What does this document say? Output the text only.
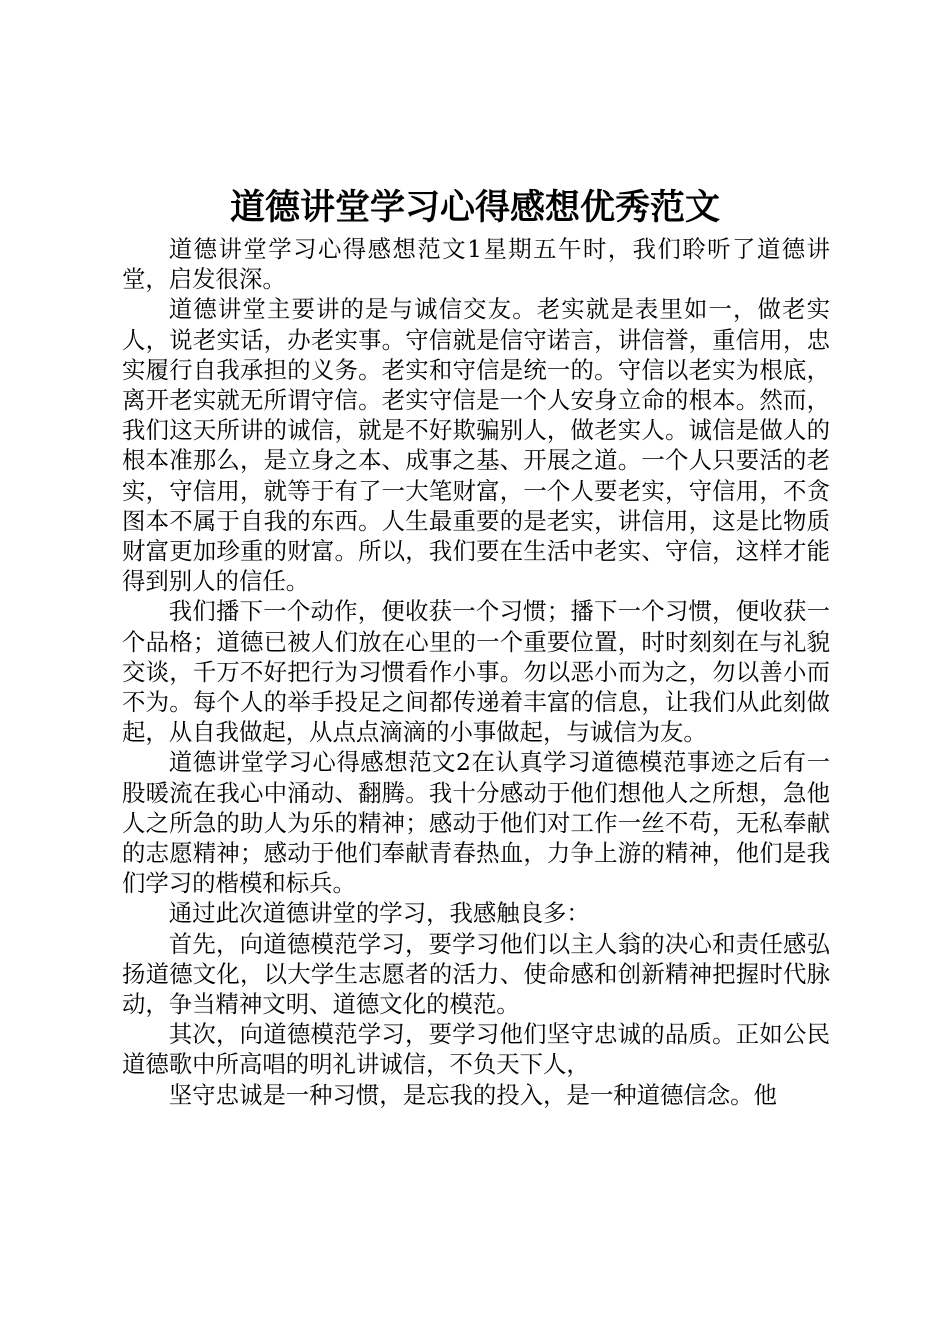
道德讲堂学习心得感想优秀范文

道德讲堂学习心得感想范文1星期五午时，我们聆听了道德讲堂，启发很深。

道德讲堂主要讲的是与诚信交友。老实就是表里如一，做老实人，说老实话，办老实事。守信就是信守诺言，讲信誉，重信用，忠实履行自我承担的义务。老实和守信是统一的。守信以老实为根底，离开老实就无所谓守信。老实守信是一个人安身立命的根本。然而，我们这天所讲的诚信，就是不好欺骗别人，做老实人。诚信是做人的根本准那么，是立身之本、成事之基、开展之道。一个人只要活的老实，守信用，就等于有了一大笔财富，一个人要老实，守信用，不贪图本不属于自我的东西。人生最重要的是老实，讲信用，这是比物质财富更加珍重的财富。所以，我们要在生活中老实、守信，这样才能得到别人的信任。

我们播下一个动作，便收获一个习惯；播下一个习惯，便收获一个品格；道德已被人们放在心里的一个重要位置，时时刻刻在与礼貌交谈，千万不好把行为习惯看作小事。勿以恶小而为之，勿以善小而不为。每个人的举手投足之间都传递着丰富的信息，让我们从此刻做起，从自我做起，从点点滴滴的小事做起，与诚信为友。

道德讲堂学习心得感想范文2在认真学习道德模范事迹之后有一股暖流在我心中涌动、翻腾。我十分感动于他们想他人之所想，急他人之所急的助人为乐的精神；感动于他们对工作一丝不苟，无私奉献的志愿精神；感动于他们奉献青春热血，力争上游的精神，他们是我们学习的楷模和标兵。

通过此次道德讲堂的学习，我感触良多：

首先，向道德模范学习，要学习他们以主人翁的决心和责任感弘扬道德文化，以大学生志愿者的活力、使命感和创新精神把握时代脉动，争当精神文明、道德文化的模范。

其次，向道德模范学习，要学习他们坚守忠诚的品质。正如公民道德歌中所高唱的明礼讲诚信，不负天下人，

坚守忠诚是一种习惯，是忘我的投入，是一种道德信念。他
